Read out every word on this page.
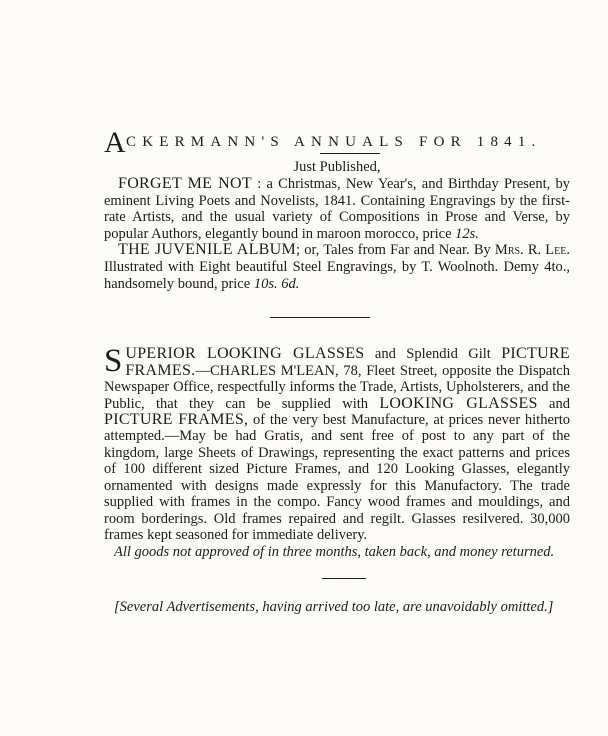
A CKERMANN'S ANNUALS FOR 1841.
Just Published,

FORGET ME NOT : a Christmas, New Year's, and Birthday Present, by eminent Living Poets and Novelists, 1841. Containing Engravings by the first-rate Artists, and the usual variety of Compositions in Prose and Verse, by popular Authors, elegantly bound in maroon morocco, price 12s.

THE JUVENILE ALBUM; or, Tales from Far and Near. By Mrs. R. Lee. Illustrated with Eight beautiful Steel Engravings, by T. Woolnoth. Demy 4to., handsomely bound, price 10s. 6d.

SUPERIOR LOOKING GLASSES and Splendid Gilt PICTURE FRAMES.—CHARLES M'LEAN, 78, Fleet Street, opposite the Dispatch Newspaper Office, respectfully informs the Trade, Artists, Upholsterers, and the Public, that they can be supplied with LOOKING GLASSES and PICTURE FRAMES, of the very best Manufacture, at prices never hitherto attempted.—May be had Gratis, and sent free of post to any part of the kingdom, large Sheets of Drawings, representing the exact patterns and prices of 100 different sized Picture Frames, and 120 Looking Glasses, elegantly ornamented with designs made expressly for this Manufactory. The trade supplied with frames in the compo. Fancy wood frames and mouldings, and room borderings. Old frames repaired and regilt. Glasses resilvered. 30,000 frames kept seasoned for immediate delivery.

All goods not approved of in three months, taken back, and money returned.

[Several Advertisements, having arrived too late, are unavoidably omitted.]
